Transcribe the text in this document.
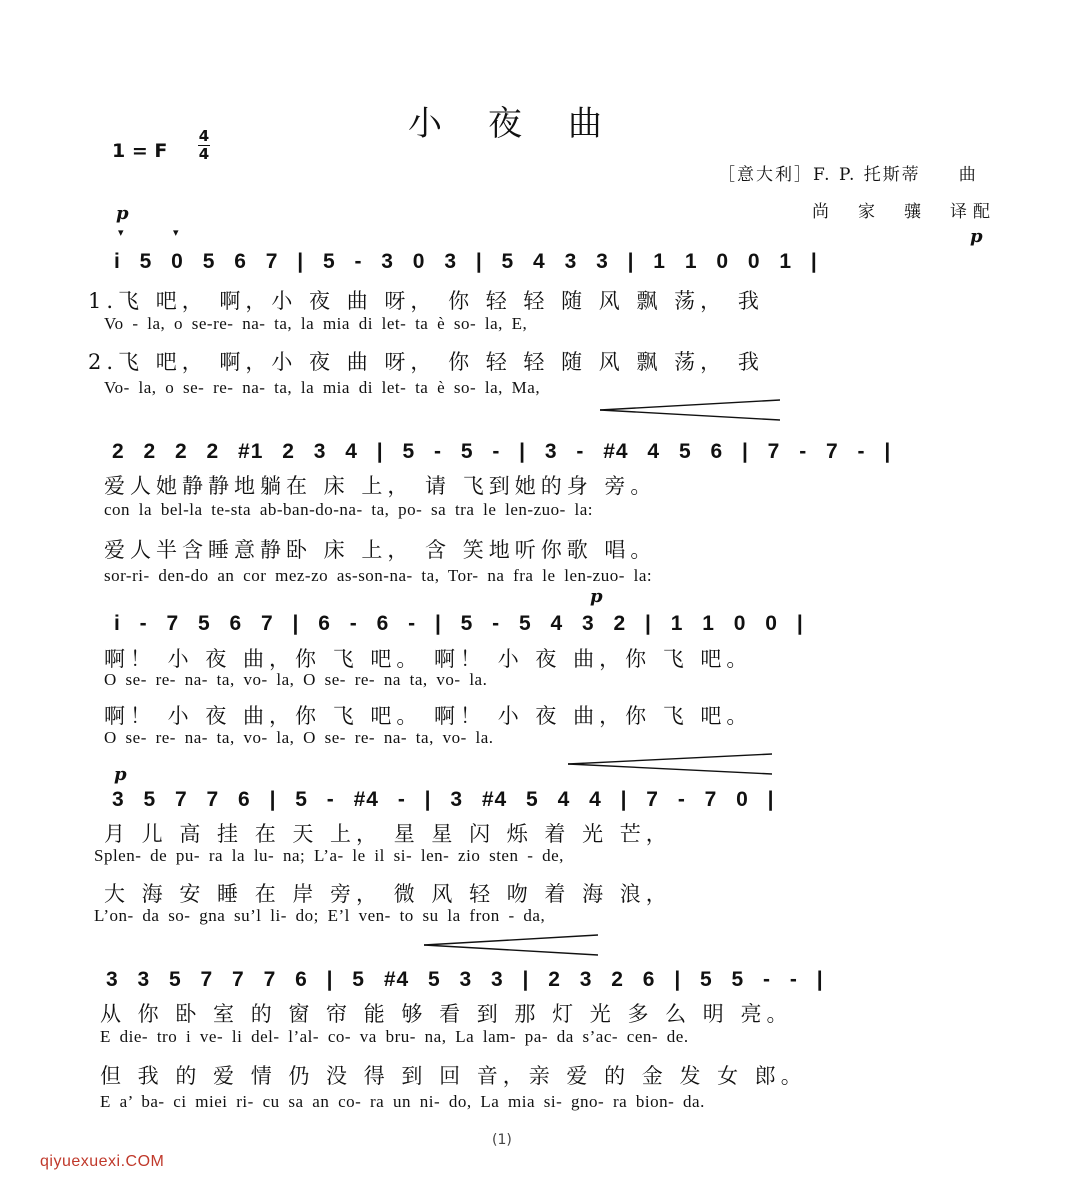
小夜曲
1 = F
4
4
［意大利］F. P. 托斯蒂　　曲
尚　家　骧　译配
p
▾	▾	p
i 5 0 5 6 7 | 5 - 3 0 3 | 5 4 3 3 | 1 1 0 0 1 |
1.飞 吧， 啊，小 夜 曲 呀， 你 轻 轻 随 风 飘 荡， 我
Vo - la, o se-re- na- ta, la mia di let- ta è so- la, E,
2.飞 吧， 啊，小 夜 曲 呀， 你 轻 轻 随 风 飘 荡， 我
Vo- la, o se- re- na- ta, la mia di let- ta è so- la, Ma,
2 2 2 2 #1 2 3 4 | 5 - 5 - | 3 - #4 4 5 6 | 7 - 7 - |
爱人她静静地躺在 床 上， 请 飞到她的身 旁。
con la bel-la te-sta ab-ban-do-na- ta, po- sa tra le len-zuo- la:
爱人半含睡意静卧 床 上， 含 笑地听你歌 唱。
sor-ri- den-do an cor mez-zo as-son-na- ta, Tor- na fra le len-zuo- la:
p
i - 7 5 6 7 | 6 - 6 - | 5 - 5 4 3 2 | 1 1 0 0 |
啊！ 小 夜 曲，你 飞 吧。 啊！ 小 夜 曲，你 飞 吧。
O se- re- na- ta, vo- la, O se- re- na ta, vo- la.
啊！ 小 夜 曲，你 飞 吧。 啊！ 小 夜 曲，你 飞 吧。
O se- re- na- ta, vo- la, O se- re- na- ta, vo- la.
p
3 5 7 7 6 | 5 - #4 - | 3 #4 5 4 4 | 7 - 7 0 |
月 儿 高 挂 在 天 上， 星 星 闪 烁 着 光 芒，
Splen- de pu- ra la lu- na; L’a- le il si- len- zio sten - de,
大 海 安 睡 在 岸 旁， 微 风 轻 吻 着 海 浪，
L’on- da so- gna su’l li- do; E’l ven- to su la fron - da,
3 3 5 7 7 7 6 | 5 #4 5 3 3 | 2 3 2 6 | 5 5 - - |
从 你 卧 室 的 窗 帘 能 够 看 到 那 灯 光 多 么 明 亮。
E die- tro i ve- li del- l’al- co- va bru- na, La lam- pa- da s’ac- cen- de.
但 我 的 爱 情 仍 没 得 到 回 音，亲 爱 的 金 发 女 郎。
E a’ ba- ci miei ri- cu sa an co- ra un ni- do, La mia si- gno- ra bion- da.
(1)
qiyuexuexi.COM
